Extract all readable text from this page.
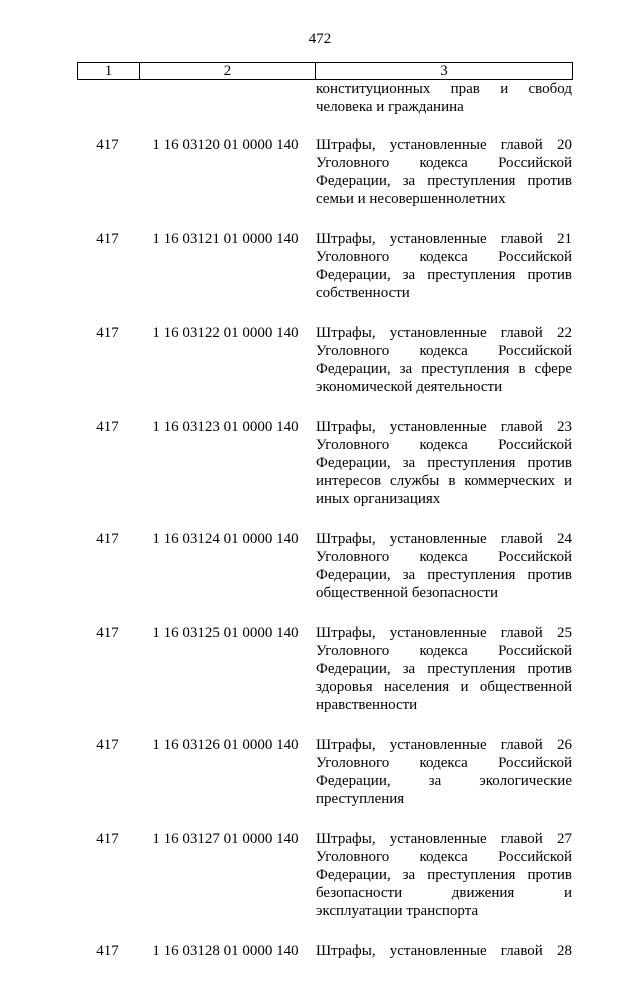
472
1	2	3
конституционных прав и свобод
человека и гражданина
417	1 16 03120 01 0000 140	Штрафы, установленные главой 20
Уголовного кодекса Российской
Федерации, за преступления против
семьи и несовершеннолетних
417	1 16 03121 01 0000 140	Штрафы, установленные главой 21
Уголовного кодекса Российской
Федерации, за преступления против
собственности
417	1 16 03122 01 0000 140	Штрафы, установленные главой 22
Уголовного кодекса Российской
Федерации, за преступления в сфере
экономической деятельности
417	1 16 03123 01 0000 140	Штрафы, установленные главой 23
Уголовного кодекса Российской
Федерации, за преступления против
интересов службы в коммерческих и
иных организациях
417	1 16 03124 01 0000 140	Штрафы, установленные главой 24
Уголовного кодекса Российской
Федерации, за преступления против
общественной безопасности
417	1 16 03125 01 0000 140	Штрафы, установленные главой 25
Уголовного кодекса Российской
Федерации, за преступления против
здоровья населения и общественной
нравственности
417	1 16 03126 01 0000 140	Штрафы, установленные главой 26
Уголовного кодекса Российской
Федерации,	за	экологические
преступления
417	1 16 03127 01 0000 140	Штрафы, установленные главой 27
Уголовного кодекса Российской
Федерации, за преступления против
безопасности	движения	и
эксплуатации транспорта
417	1 16 03128 01 0000 140	Штрафы, установленные главой 28
